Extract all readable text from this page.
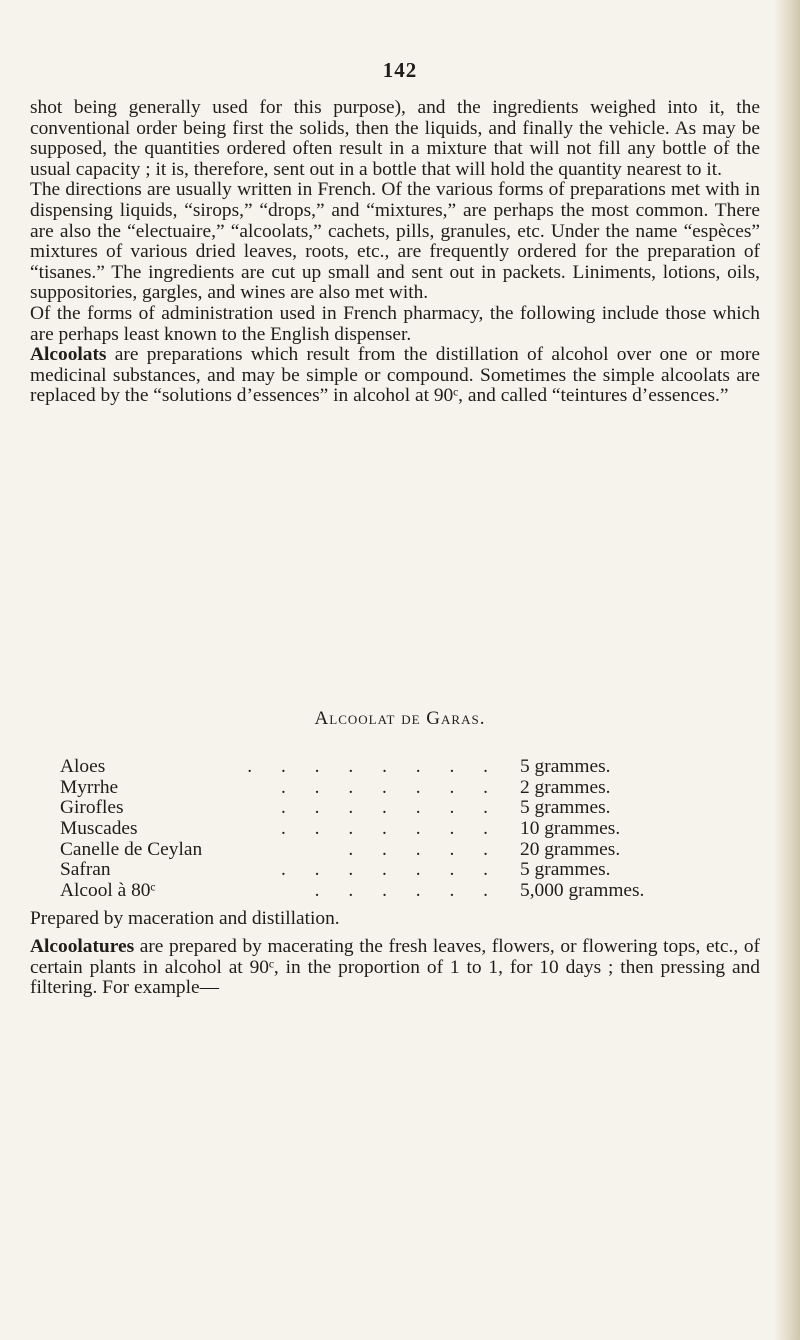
142

shot being generally used for this purpose), and the ingredients weighed into it, the conventional order being first the solids, then the liquids, and finally the vehicle. As may be supposed, the quantities ordered often result in a mixture that will not fill any bottle of the usual capacity ; it is, therefore, sent out in a bottle that will hold the quantity nearest to it.

The directions are usually written in French. Of the various forms of preparations met with in dispensing liquids, “sirops,” “drops,” and “mixtures,” are perhaps the most common. There are also the “electuaire,” “alcoolats,” cachets, pills, granules, etc. Under the name “espèces” mixtures of various dried leaves, roots, etc., are frequently ordered for the preparation of “tisanes.” The ingredients are cut up small and sent out in packets. Liniments, lotions, oils, suppositories, gargles, and wines are also met with.

Of the forms of administration used in French pharmacy, the following include those which are perhaps least known to the English dispenser.

Alcoolats are preparations which result from the distillation of alcohol over one or more medicinal substances, and may be simple or compound. Sometimes the simple alcoolats are replaced by the “solutions d’essences” in alcohol at 90ᶜ, and called “teintures d’essences.”

Alcoolat de Garas.
Aloes	. . . . . . . . 5 grammes.
Myrrhe	. . . . . . . 2 grammes.
Girofles	. . . . . . . 5 grammes.
Muscades	. . . . . . . 10 grammes.
Canelle de Ceylan	. . . . . 20 grammes.
Safran	. . . . . . . 5 grammes.
Alcool à 80ᶜ	. . . . . . 5,000 grammes.
Prepared by maceration and distillation.

Alcoolatures are prepared by macerating the fresh leaves, flowers, or flowering tops, etc., of certain plants in alcohol at 90ᶜ, in the proportion of 1 to 1, for 10 days ; then pressing and filtering. For example—
